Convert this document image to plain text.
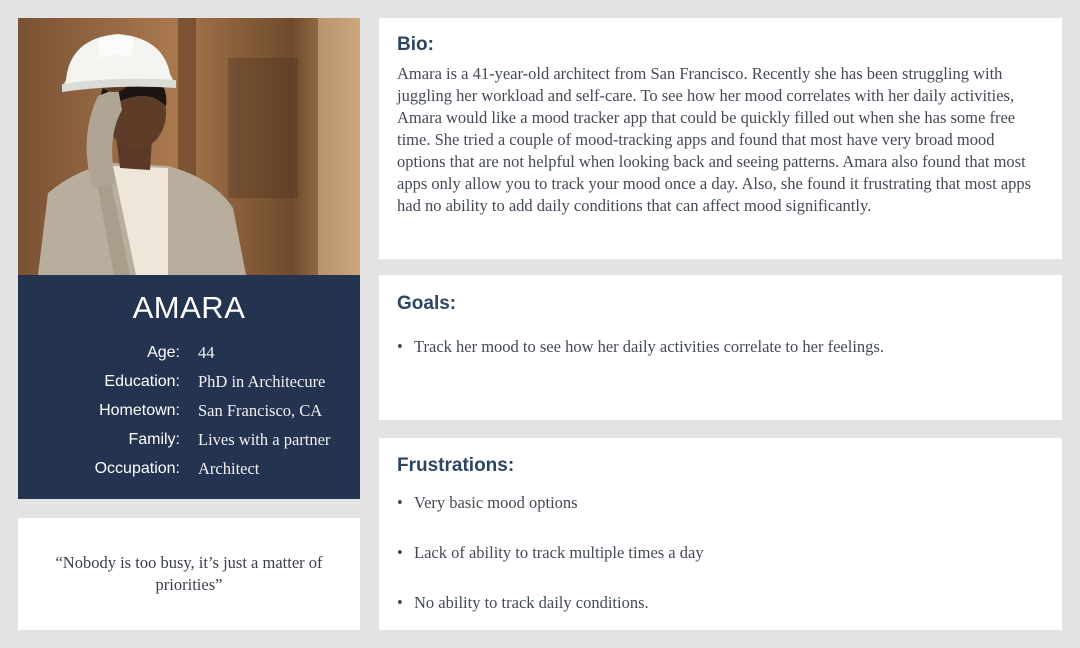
AMARA
Age: 44
Education: PhD in Architecure
Hometown: San Francisco, CA
Family: Lives with a partner
Occupation: Architect
“Nobody is too busy, it’s just a matter of priorities”
Bio:
Amara is a 41-year-old architect from San Francisco. Recently she has been struggling with juggling her workload and self-care. To see how her mood correlates with her daily activities, Amara would like a mood tracker app that could be quickly filled out when she has some free time. She tried a couple of mood-tracking apps and found that most have very broad mood options that are not helpful when looking back and seeing patterns. Amara also found that most apps only allow you to track your mood once a day. Also, she found it frustrating that most apps had no ability to add daily conditions that can affect mood significantly.
Goals:
• Track her mood to see how her daily activities correlate to her feelings.
Frustrations:
• Very basic mood options
• Lack of ability to track multiple times a day
• No ability to track daily conditions.
